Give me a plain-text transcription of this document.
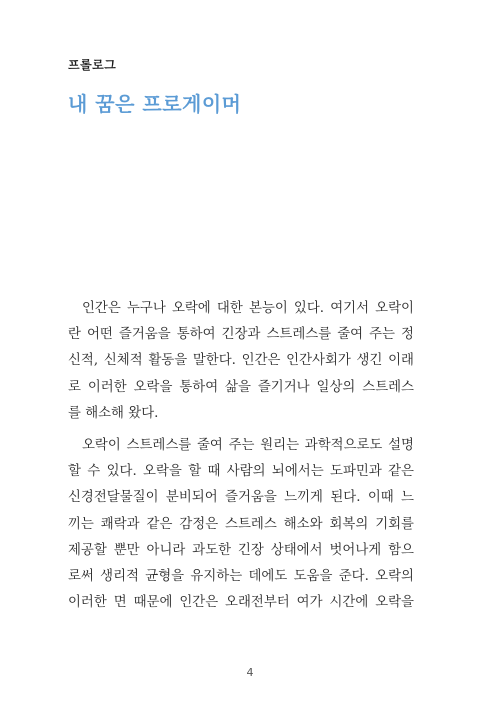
프롤로그
내 꿈은 프로게이머

인간은 누구나 오락에 대한 본능이 있다. 여기서 오락이
란 어떤 즐거움을 통하여 긴장과 스트레스를 줄여 주는 정
신적, 신체적 활동을 말한다. 인간은 인간사회가 생긴 이래
로 이러한 오락을 통하여 삶을 즐기거나 일상의 스트레스
를 해소해 왔다.

오락이 스트레스를 줄여 주는 원리는 과학적으로도 설명
할 수 있다. 오락을 할 때 사람의 뇌에서는 도파민과 같은
신경전달물질이 분비되어 즐거움을 느끼게 된다. 이때 느
끼는 쾌락과 같은 감정은 스트레스 해소와 회복의 기회를
제공할 뿐만 아니라 과도한 긴장 상태에서 벗어나게 함으
로써 생리적 균형을 유지하는 데에도 도움을 준다. 오락의
이러한 면 때문에 인간은 오래전부터 여가 시간에 오락을

4
